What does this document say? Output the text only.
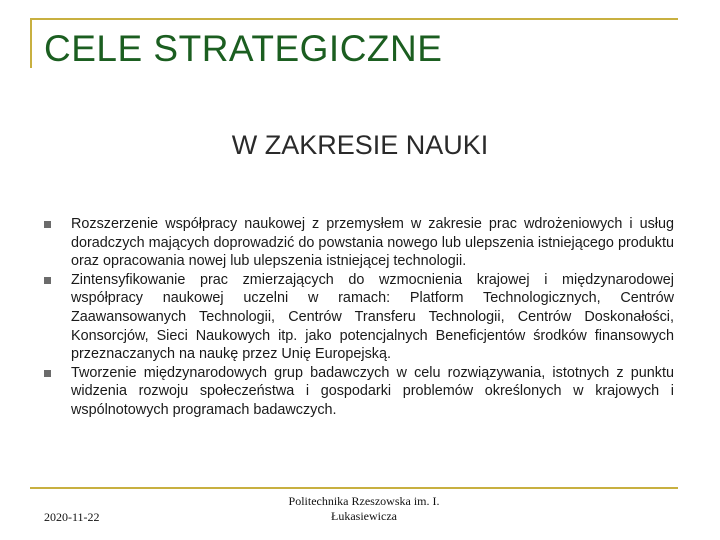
CELE STRATEGICZNE
W ZAKRESIE NAUKI
Rozszerzenie współpracy naukowej z przemysłem w zakresie prac wdrożeniowych i usług doradczych mających doprowadzić do powstania nowego lub ulepszenia istniejącego produktu oraz opracowania nowej lub ulepszenia istniejącej technologii.
Zintensyfikowanie prac zmierzających do wzmocnienia krajowej i międzynarodowej współpracy naukowej uczelni w ramach: Platform Technologicznych, Centrów Zaawansowanych Technologii, Centrów Transferu Technologii, Centrów Doskonałości, Konsorcjów, Sieci Naukowych itp. jako potencjalnych Beneficjentów środków finansowych przeznaczanych na naukę przez Unię Europejską.
Tworzenie międzynarodowych grup badawczych w celu rozwiązywania, istotnych z punktu widzenia rozwoju społeczeństwa i gospodarki problemów określonych w krajowych i wspólnotowych programach badawczych.
2020-11-22
Politechnika Rzeszowska im. I.
Łukasiewicza
